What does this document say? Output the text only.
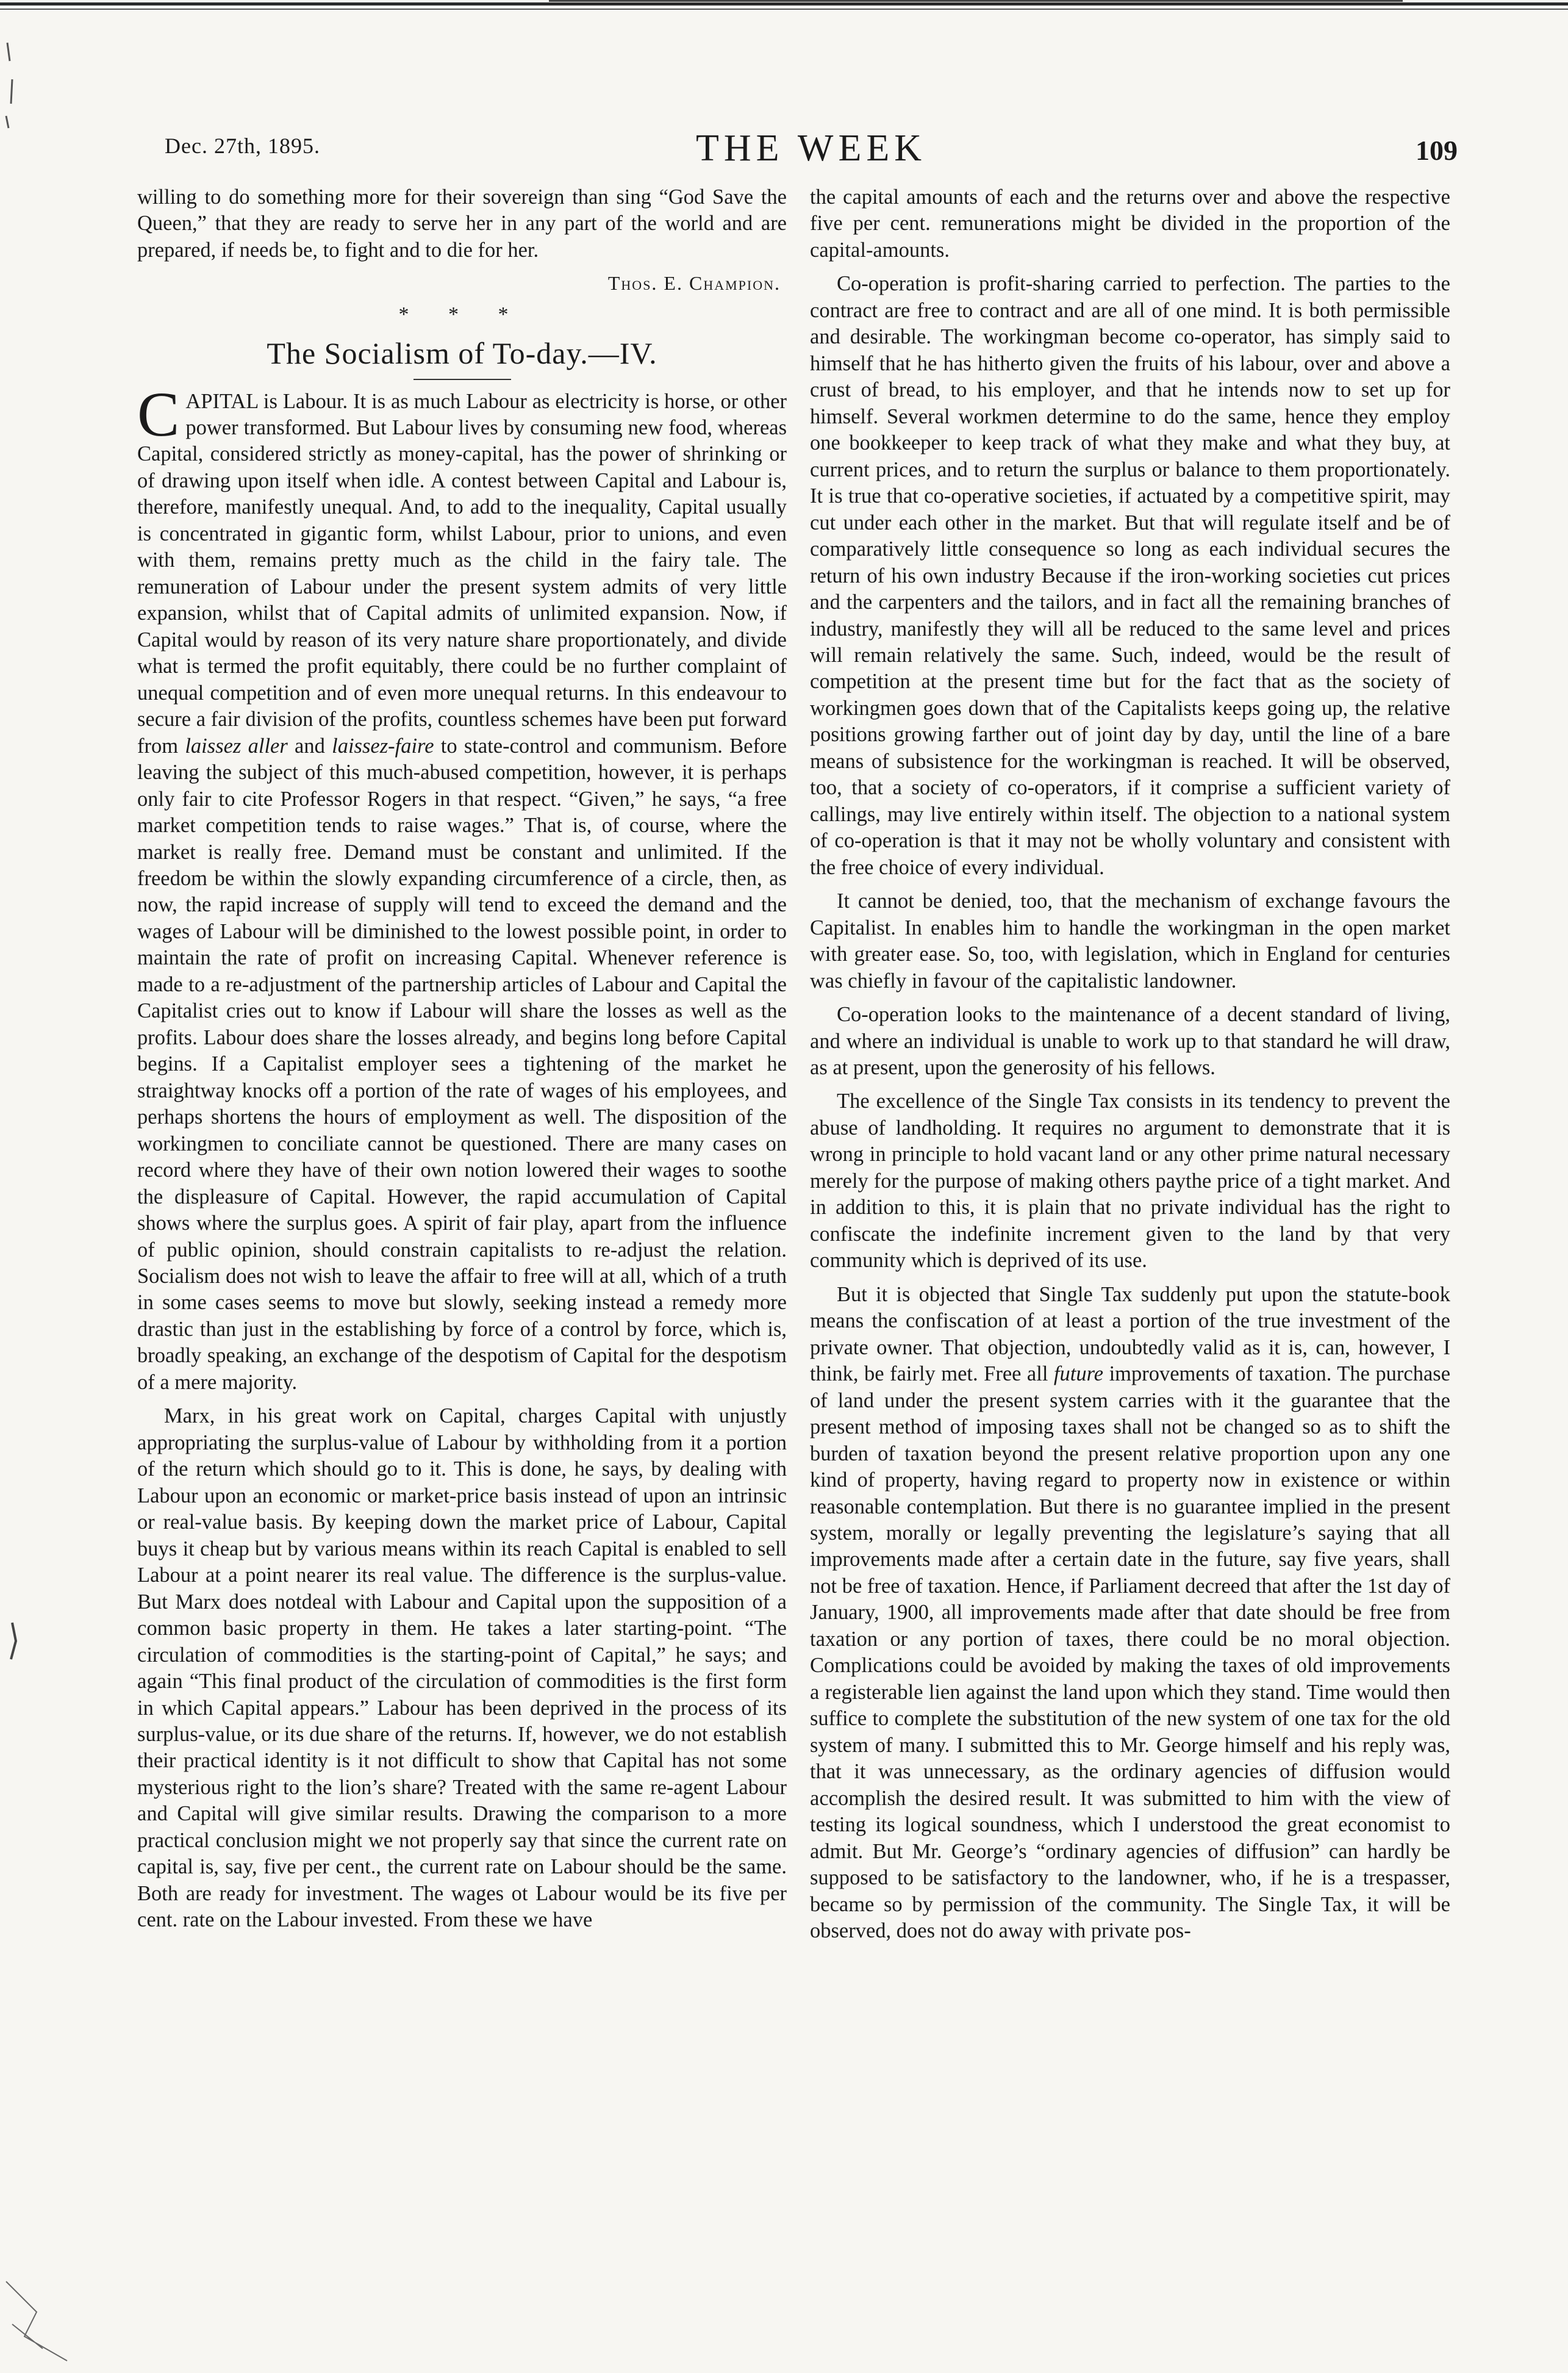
Dec. 27th, 1895.	THE WEEK	109

willing to do something more for their sovereign than sing “God Save the Queen,” that they are ready to serve her in any part of the world and are prepared, if needs be, to fight and to die for her.

Thos. E. Champion.
* * *
The Socialism of To-day.—IV.

CAPITAL is Labour. It is as much Labour as electricity is horse, or other power transformed. But Labour lives by consuming new food, whereas Capital, considered strictly as money-capital, has the power of shrinking or of drawing upon itself when idle. A contest between Capital and Labour is, therefore, manifestly unequal. And, to add to the inequality, Capital usually is concentrated in gigantic form, whilst Labour, prior to unions, and even with them, remains pretty much as the child in the fairy tale. The remuneration of Labour under the present system admits of very little expansion, whilst that of Capital admits of unlimited expansion. Now, if Capital would by reason of its very nature share proportionately, and divide what is termed the profit equitably, there could be no further complaint of unequal competition and of even more unequal returns. In this endeavour to secure a fair division of the profits, countless schemes have been put forward from laissez aller and laissez-faire to state-control and communism. Before leaving the subject of this much-abused competition, however, it is perhaps only fair to cite Professor Rogers in that respect. “Given,” he says, “a free market competition tends to raise wages.” That is, of course, where the market is really free. Demand must be constant and unlimited. If the freedom be within the slowly expanding circumference of a circle, then, as now, the rapid increase of supply will tend to exceed the demand and the wages of Labour will be diminished to the lowest possible point, in order to maintain the rate of profit on increasing Capital. Whenever reference is made to a re-adjustment of the partnership articles of Labour and Capital the Capitalist cries out to know if Labour will share the losses as well as the profits. Labour does share the losses already, and begins long before Capital begins. If a Capitalist employer sees a tightening of the market he straightway knocks off a portion of the rate of wages of his employees, and perhaps shortens the hours of employment as well. The disposition of the workingmen to conciliate cannot be questioned. There are many cases on record where they have of their own notion lowered their wages to soothe the displeasure of Capital. However, the rapid accumulation of Capital shows where the surplus goes. A spirit of fair play, apart from the influence of public opinion, should constrain capitalists to re-adjust the relation. Socialism does not wish to leave the affair to free will at all, which of a truth in some cases seems to move but slowly, seeking instead a remedy more drastic than just in the establishing by force of a control by force, which is, broadly speaking, an exchange of the despotism of Capital for the despotism of a mere majority.

Marx, in his great work on Capital, charges Capital with unjustly appropriating the surplus-value of Labour by withholding from it a portion of the return which should go to it. This is done, he says, by dealing with Labour upon an economic or market-price basis instead of upon an intrinsic or real-value basis. By keeping down the market price of Labour, Capital buys it cheap but by various means within its reach Capital is enabled to sell Labour at a point nearer its real value. The difference is the surplus-value. But Marx does notdeal with Labour and Capital upon the supposition of a common basic property in them. He takes a later starting-point. “The circulation of commodities is the starting-point of Capital,” he says; and again “This final product of the circulation of commodities is the first form in which Capital appears.” Labour has been deprived in the process of its surplus-value, or its due share of the returns. If, however, we do not establish their practical identity is it not difficult to show that Capital has not some mysterious right to the lion’s share? Treated with the same re-agent Labour and Capital will give similar results. Drawing the comparison to a more practical conclusion might we not properly say that since the current rate on capital is, say, five per cent., the current rate on Labour should be the same. Both are ready for investment. The wages ot Labour would be its five per cent. rate on the Labour invested. From these we have

the capital amounts of each and the returns over and above the respective five per cent. remunerations might be divided in the proportion of the capital-amounts.

Co-operation is profit-sharing carried to perfection. The parties to the contract are free to contract and are all of one mind. It is both permissible and desirable. The workingman become co-operator, has simply said to himself that he has hitherto given the fruits of his labour, over and above a crust of bread, to his employer, and that he intends now to set up for himself. Several workmen determine to do the same, hence they employ one bookkeeper to keep track of what they make and what they buy, at current prices, and to return the surplus or balance to them proportionately. It is true that co-operative societies, if actuated by a competitive spirit, may cut under each other in the market. But that will regulate itself and be of comparatively little consequence so long as each individual secures the return of his own industry Because if the iron-working societies cut prices and the carpenters and the tailors, and in fact all the remaining branches of industry, manifestly they will all be reduced to the same level and prices will remain relatively the same. Such, indeed, would be the result of competition at the present time but for the fact that as the society of workingmen goes down that of the Capitalists keeps going up, the relative positions growing farther out of joint day by day, until the line of a bare means of subsistence for the workingman is reached. It will be observed, too, that a society of co-operators, if it comprise a sufficient variety of callings, may live entirely within itself. The objection to a national system of co-operation is that it may not be wholly voluntary and consistent with the free choice of every individual.

It cannot be denied, too, that the mechanism of exchange favours the Capitalist. In enables him to handle the workingman in the open market with greater ease. So, too, with legislation, which in England for centuries was chiefly in favour of the capitalistic landowner.

Co-operation looks to the maintenance of a decent standard of living, and where an individual is unable to work up to that standard he will draw, as at present, upon the generosity of his fellows.

The excellence of the Single Tax consists in its tendency to prevent the abuse of landholding. It requires no argument to demonstrate that it is wrong in principle to hold vacant land or any other prime natural necessary merely for the purpose of making others paythe price of a tight market. And in addition to this, it is plain that no private individual has the right to confiscate the indefinite increment given to the land by that very community which is deprived of its use.

But it is objected that Single Tax suddenly put upon the statute-book means the confiscation of at least a portion of the true investment of the private owner. That objection, undoubtedly valid as it is, can, however, I think, be fairly met. Free all future improvements of taxation. The purchase of land under the present system carries with it the guarantee that the present method of imposing taxes shall not be changed so as to shift the burden of taxation beyond the present relative proportion upon any one kind of property, having regard to property now in existence or within reasonable contemplation. But there is no guarantee implied in the present system, morally or legally preventing the legislature’s saying that all improvements made after a certain date in the future, say five years, shall not be free of taxation. Hence, if Parliament decreed that after the 1st day of January, 1900, all improvements made after that date should be free from taxation or any portion of taxes, there could be no moral objection. Complications could be avoided by making the taxes of old improvements a registerable lien against the land upon which they stand. Time would then suffice to complete the substitution of the new system of one tax for the old system of many. I submitted this to Mr. George himself and his reply was, that it was unnecessary, as the ordinary agencies of diffusion would accomplish the desired result. It was submitted to him with the view of testing its logical soundness, which I understood the great economist to admit. But Mr. George’s “ordinary agencies of diffusion” can hardly be supposed to be satisfactory to the landowner, who, if he is a trespasser, became so by permission of the community. The Single Tax, it will be observed, does not do away with private pos-
